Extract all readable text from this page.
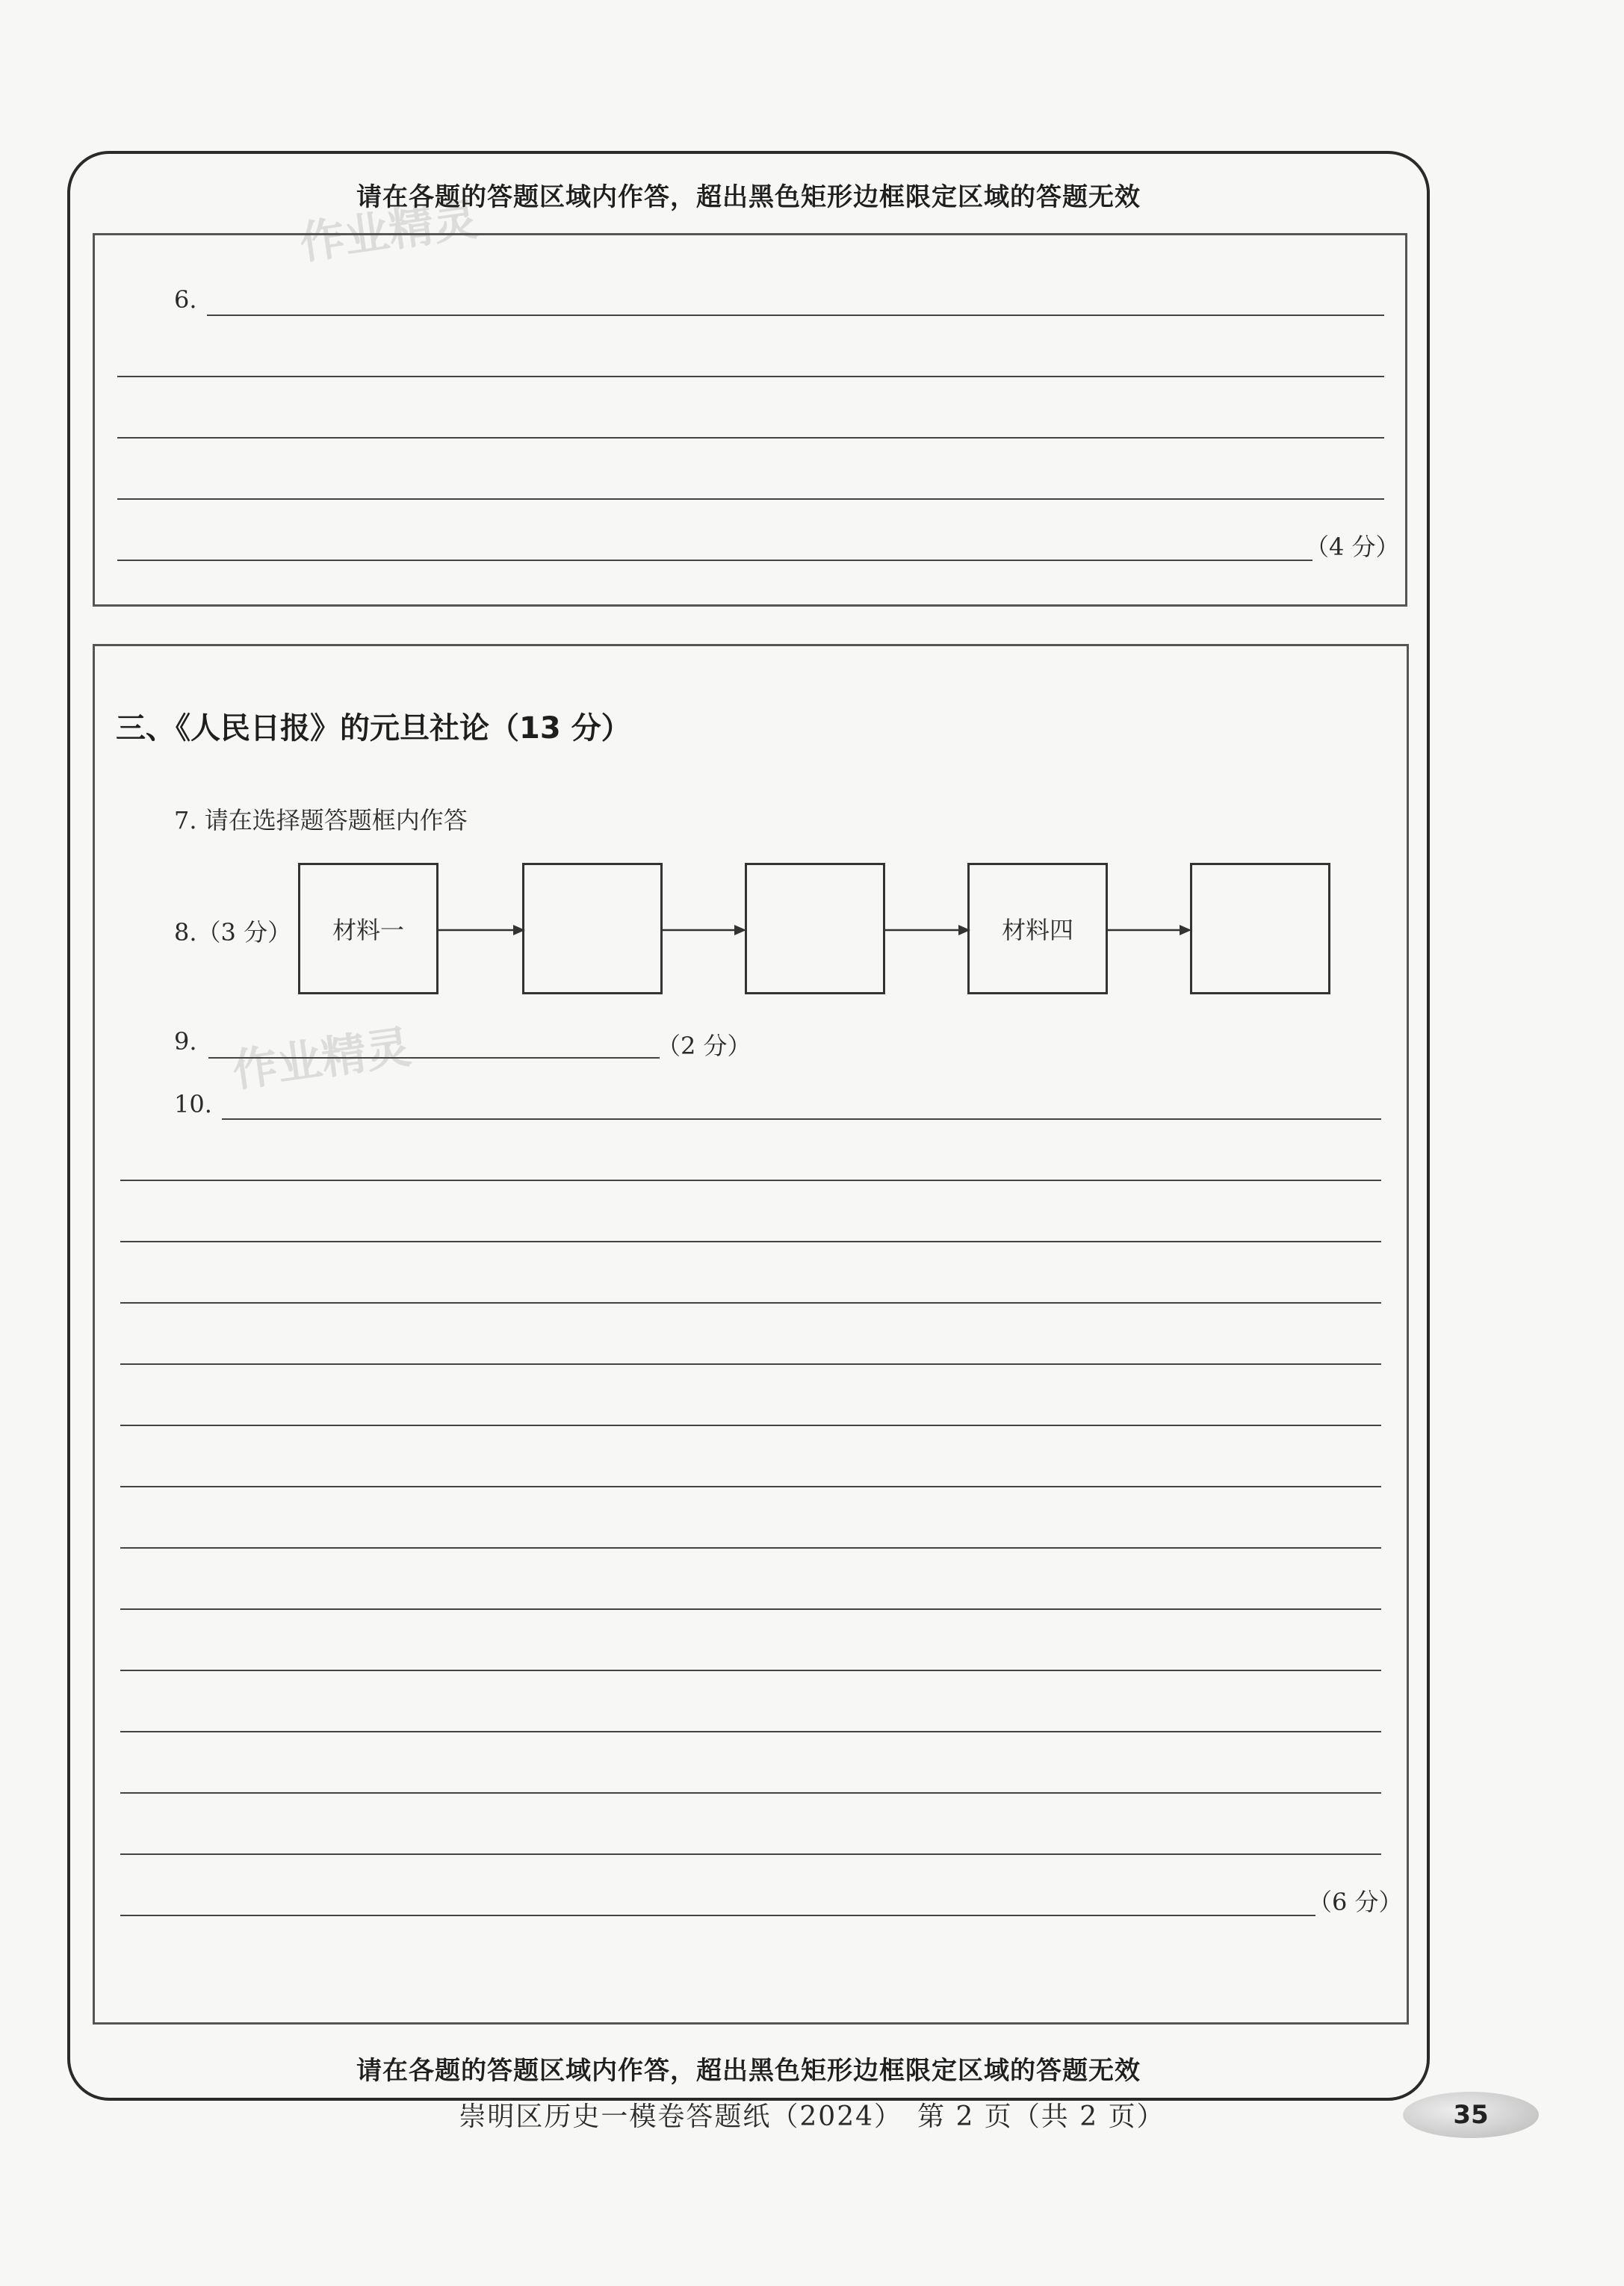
作业精灵
作业精灵
请在各题的答题区域内作答，超出黑色矩形边框限定区域的答题无效
请在各题的答题区域内作答，超出黑色矩形边框限定区域的答题无效
6.
（4 分）
三、《人民日报》的元旦社论（13 分）
7. 请在选择题答题框内作答
8.（3 分）	材料一	材料四
9.	（2 分）
10.
（6 分）
崇明区历史一模卷答题纸（2024）　第 2 页（共 2 页）	35
